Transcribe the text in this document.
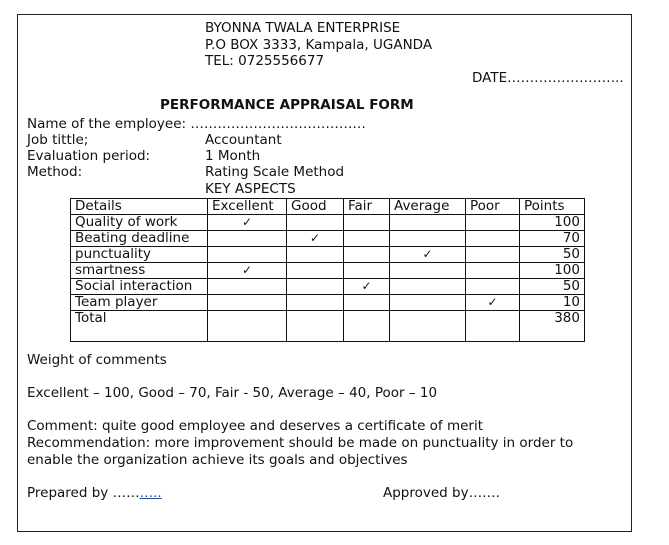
BYONNA TWALA ENTERPRISE
P.O BOX 3333, Kampala, UGANDA
TEL: 0725556677
DATE……………………..
PERFORMANCE APPRAISAL FORM
Name of the employee: …………………………………
Job tittle;	Accountant
Evaluation period:	1 Month
Method:	Rating Scale Method
KEY ASPECTS
Details	Excellent	Good	Fair	Average	Poor	Points
Quality of work	✓					100
Beating deadline		✓				70
punctuality				✓		50
smartness	✓					100
Social interaction			✓			50
Team player					✓	10
Total						380
Weight of comments
Excellent – 100, Good – 70, Fair - 50, Average – 40, Poor – 10
Comment: quite good employee and deserves a certificate of merit
Recommendation: more improvement should be made on punctuality in order to
enable the organization achieve its goals and objectives
Prepared by ………..	Approved by…….
